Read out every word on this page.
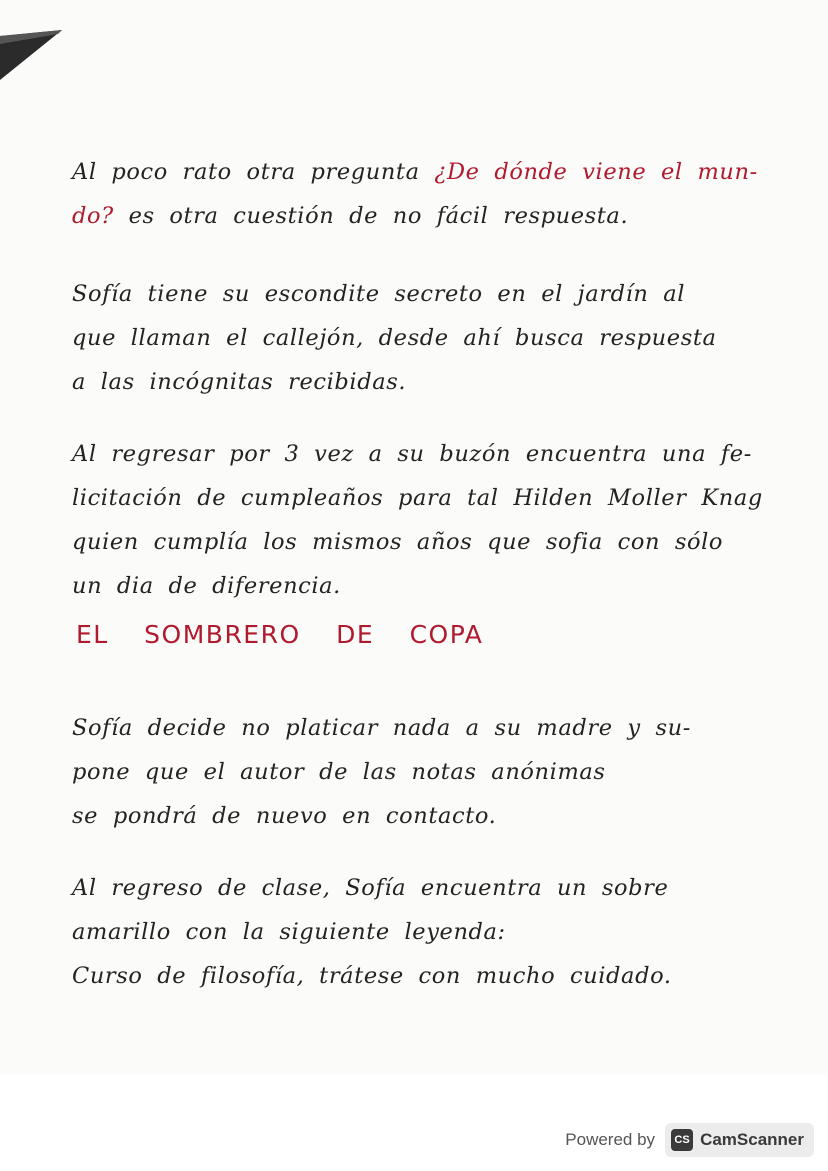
Al poco rato otra pregunta ¿De dónde viene el mun-
do? es otra cuestión de no fácil respuesta.

Sofía tiene su escondite secreto en el jardín al
que llaman el callejón, desde ahí busca respuesta
a las incógnitas recibidas.

Al regresar por 3 vez a su buzón encuentra una fe-
licitación de cumpleaños para tal Hilden Moller Knag
quien cumplía los mismos años que sofia con sólo
un dia de diferencia.

EL SOMBRERO DE COPA

Sofía decide no platicar nada a su madre y su-
pone que el autor de las notas anónimas
se pondrá de nuevo en contacto.

Al regreso de clase, Sofía encuentra un sobre
amarillo con la siguiente leyenda:
Curso de filosofía, trátese con mucho cuidado.

Powered by	CS CamScanner
